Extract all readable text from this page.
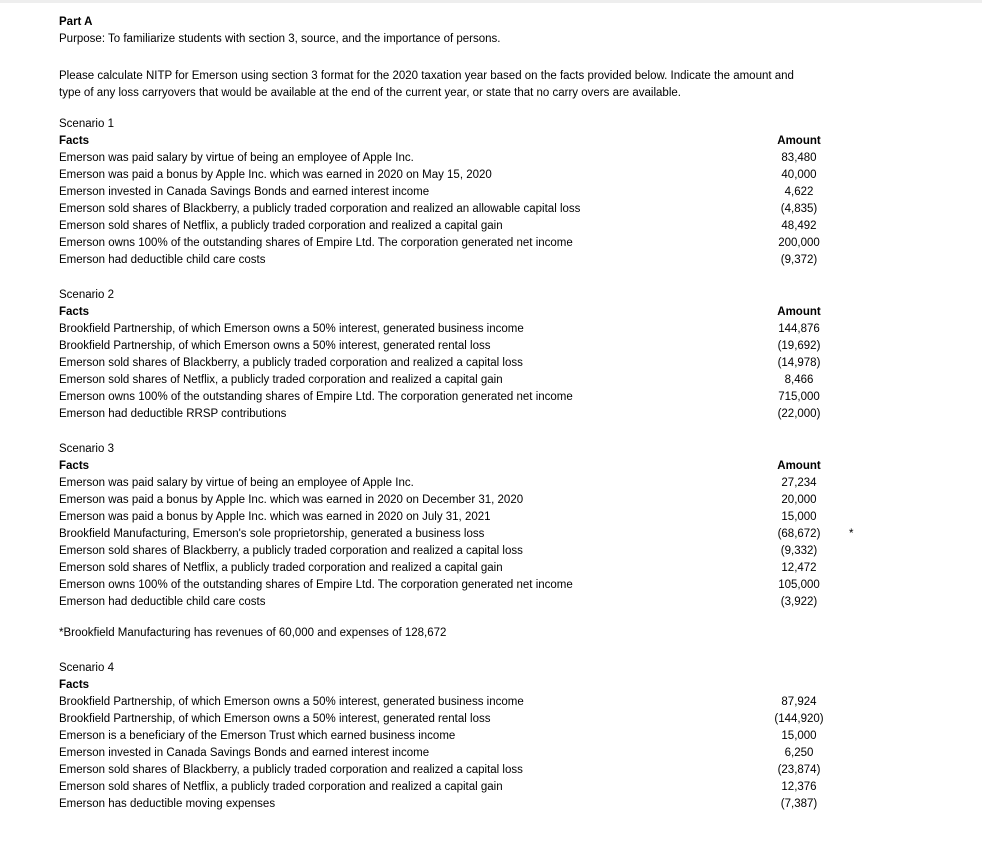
Part A
Purpose: To familiarize students with section 3, source, and the importance of persons.
Please calculate NITP for Emerson using section 3 format for the 2020 taxation year based on the facts provided below. Indicate the amount and
type of any loss carryovers that would be available at the end of the current year, or state that no carry overs are available.
Scenario 1
Facts	Amount
Emerson was paid salary by virtue of being an employee of Apple Inc.	83,480
Emerson was paid a bonus by Apple Inc. which was earned in 2020 on May 15, 2020	40,000
Emerson invested in Canada Savings Bonds and earned interest income	4,622
Emerson sold shares of Blackberry, a publicly traded corporation and realized an allowable capital loss	(4,835)
Emerson sold shares of Netflix, a publicly traded corporation and realized a capital gain	48,492
Emerson owns 100% of the outstanding shares of Empire Ltd. The corporation generated net income	200,000
Emerson had deductible child care costs	(9,372)
Scenario 2
Facts	Amount
Brookfield Partnership, of which Emerson owns a 50% interest, generated business income	144,876
Brookfield Partnership, of which Emerson owns a 50% interest, generated rental loss	(19,692)
Emerson sold shares of Blackberry, a publicly traded corporation and realized a capital loss	(14,978)
Emerson sold shares of Netflix, a publicly traded corporation and realized a capital gain	8,466
Emerson owns 100% of the outstanding shares of Empire Ltd. The corporation generated net income	715,000
Emerson had deductible RRSP contributions	(22,000)
Scenario 3
Facts	Amount
Emerson was paid salary by virtue of being an employee of Apple Inc.	27,234
Emerson was paid a bonus by Apple Inc. which was earned in 2020 on December 31, 2020	20,000
Emerson was paid a bonus by Apple Inc. which was earned in 2020 on July 31, 2021	15,000
Brookfield Manufacturing, Emerson's sole proprietorship, generated a business loss	(68,672)	*
Emerson sold shares of Blackberry, a publicly traded corporation and realized a capital loss	(9,332)
Emerson sold shares of Netflix, a publicly traded corporation and realized a capital gain	12,472
Emerson owns 100% of the outstanding shares of Empire Ltd. The corporation generated net income	105,000
Emerson had deductible child care costs	(3,922)
*Brookfield Manufacturing has revenues of 60,000 and expenses of 128,672
Scenario 4
Facts
Brookfield Partnership, of which Emerson owns a 50% interest, generated business income	87,924
Brookfield Partnership, of which Emerson owns a 50% interest, generated rental loss	(144,920)
Emerson is a beneficiary of the Emerson Trust which earned business income	15,000
Emerson invested in Canada Savings Bonds and earned interest income	6,250
Emerson sold shares of Blackberry, a publicly traded corporation and realized a capital loss	(23,874)
Emerson sold shares of Netflix, a publicly traded corporation and realized a capital gain	12,376
Emerson has deductible moving expenses	(7,387)
